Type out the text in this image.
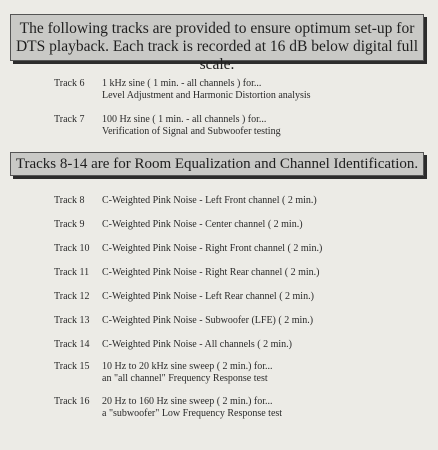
The following tracks are provided to ensure optimum set-up for DTS playback. Each track is recorded at 16 dB below digital full scale.
Track 6	1 kHz sine ( 1 min. - all channels ) for...
Level Adjustment and Harmonic Distortion analysis
Track 7	100 Hz sine ( 1 min. - all channels ) for...
Verification of Signal and Subwoofer testing
Tracks 8-14 are for Room Equalization and Channel Identification.
Track 8	C-Weighted Pink Noise - Left Front channel ( 2 min.)
Track 9	C-Weighted Pink Noise - Center channel ( 2 min.)
Track 10	C-Weighted Pink Noise - Right Front channel ( 2 min.)
Track 11	C-Weighted Pink Noise - Right Rear channel ( 2 min.)
Track 12	C-Weighted Pink Noise - Left Rear channel ( 2 min.)
Track 13	C-Weighted Pink Noise - Subwoofer (LFE) ( 2 min.)
Track 14	C-Weighted Pink Noise - All channels ( 2 min.)
Track 15	10 Hz to 20 kHz sine sweep ( 2 min.) for...
an "all channel" Frequency Response test
Track 16	20 Hz to 160 Hz sine sweep ( 2 min.) for...
a "subwoofer" Low Frequency Response test
